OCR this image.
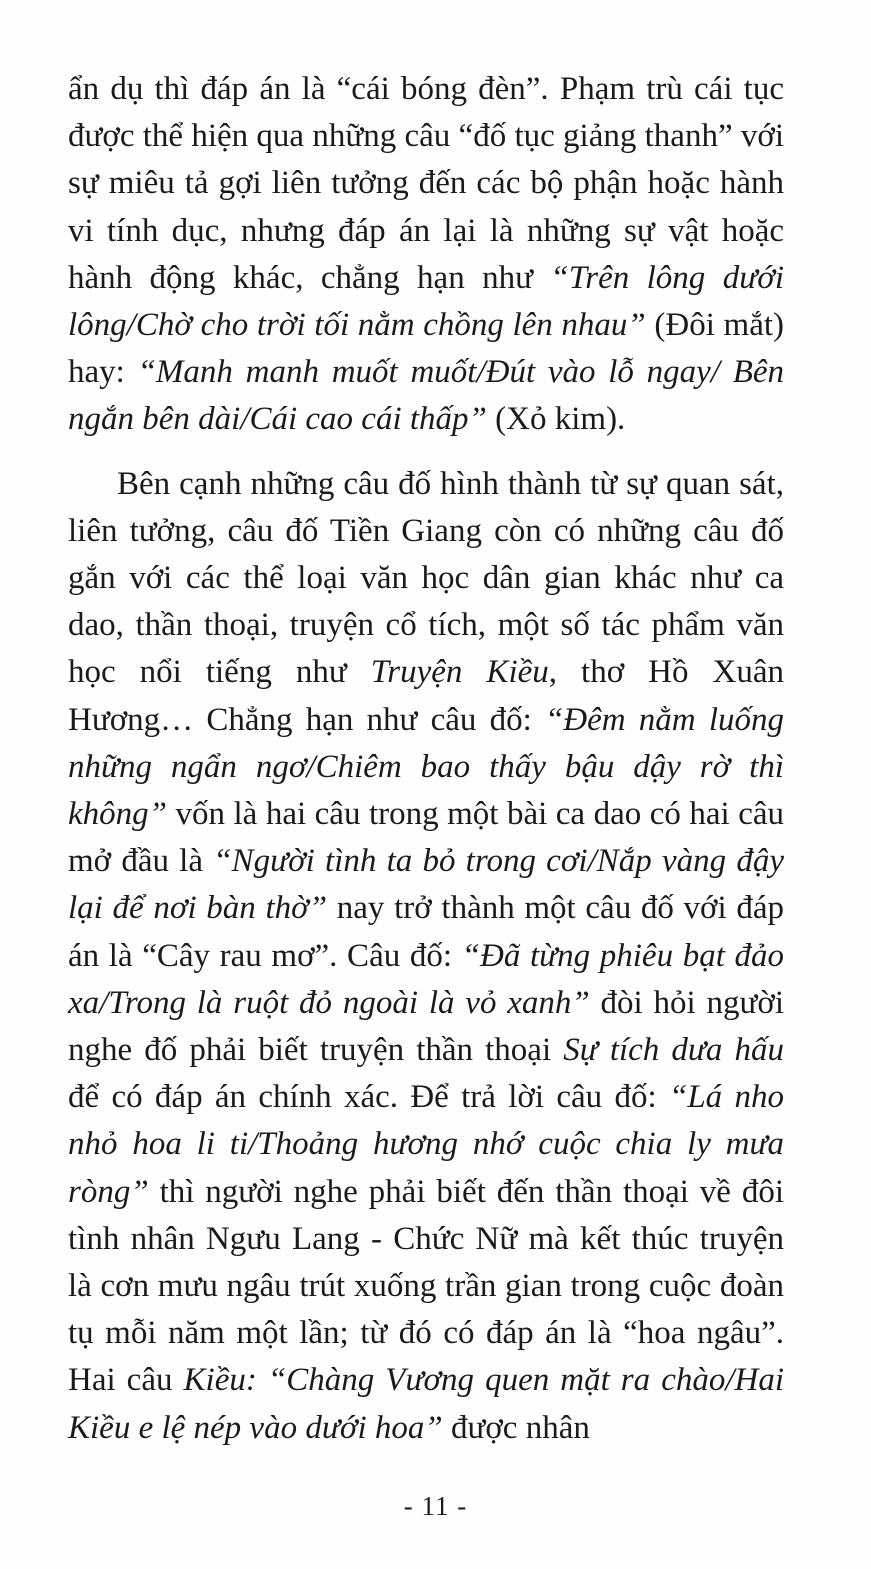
ẩn dụ thì đáp án là “cái bóng đèn”. Phạm trù cái tục được thể hiện qua những câu “đố tục giảng thanh” với sự miêu tả gợi liên tưởng đến các bộ phận hoặc hành vi tính dục, nhưng đáp án lại là những sự vật hoặc hành động khác, chẳng hạn như “Trên lông dưới lông/Chờ cho trời tối nằm chồng lên nhau” (Đôi mắt) hay: “Manh manh muốt muốt/Đút vào lỗ ngay/ Bên ngắn bên dài/Cái cao cái thấp” (Xỏ kim).

Bên cạnh những câu đố hình thành từ sự quan sát, liên tưởng, câu đố Tiền Giang còn có những câu đố gắn với các thể loại văn học dân gian khác như ca dao, thần thoại, truyện cổ tích, một số tác phẩm văn học nổi tiếng như Truyện Kiều, thơ Hồ Xuân Hương… Chẳng hạn như câu đố: “Đêm nằm luống những ngẩn ngơ/Chiêm bao thấy bậu dậy rờ thì không” vốn là hai câu trong một bài ca dao có hai câu mở đầu là “Người tình ta bỏ trong cơi/Nắp vàng đậy lại để nơi bàn thờ” nay trở thành một câu đố với đáp án là “Cây rau mơ”. Câu đố: “Đã từng phiêu bạt đảo xa/Trong là ruột đỏ ngoài là vỏ xanh” đòi hỏi người nghe đố phải biết truyện thần thoại Sự tích dưa hấu để có đáp án chính xác. Để trả lời câu đố: “Lá nho nhỏ hoa li ti/Thoảng hương nhớ cuộc chia ly mưa ròng” thì người nghe phải biết đến thần thoại về đôi tình nhân Ngưu Lang - Chức Nữ mà kết thúc truyện là cơn mưu ngâu trút xuống trần gian trong cuộc đoàn tụ mỗi năm một lần; từ đó có đáp án là “hoa ngâu”. Hai câu Kiều: “Chàng Vương quen mặt ra chào/Hai Kiều e lệ nép vào dưới hoa” được nhân

- 11 -
